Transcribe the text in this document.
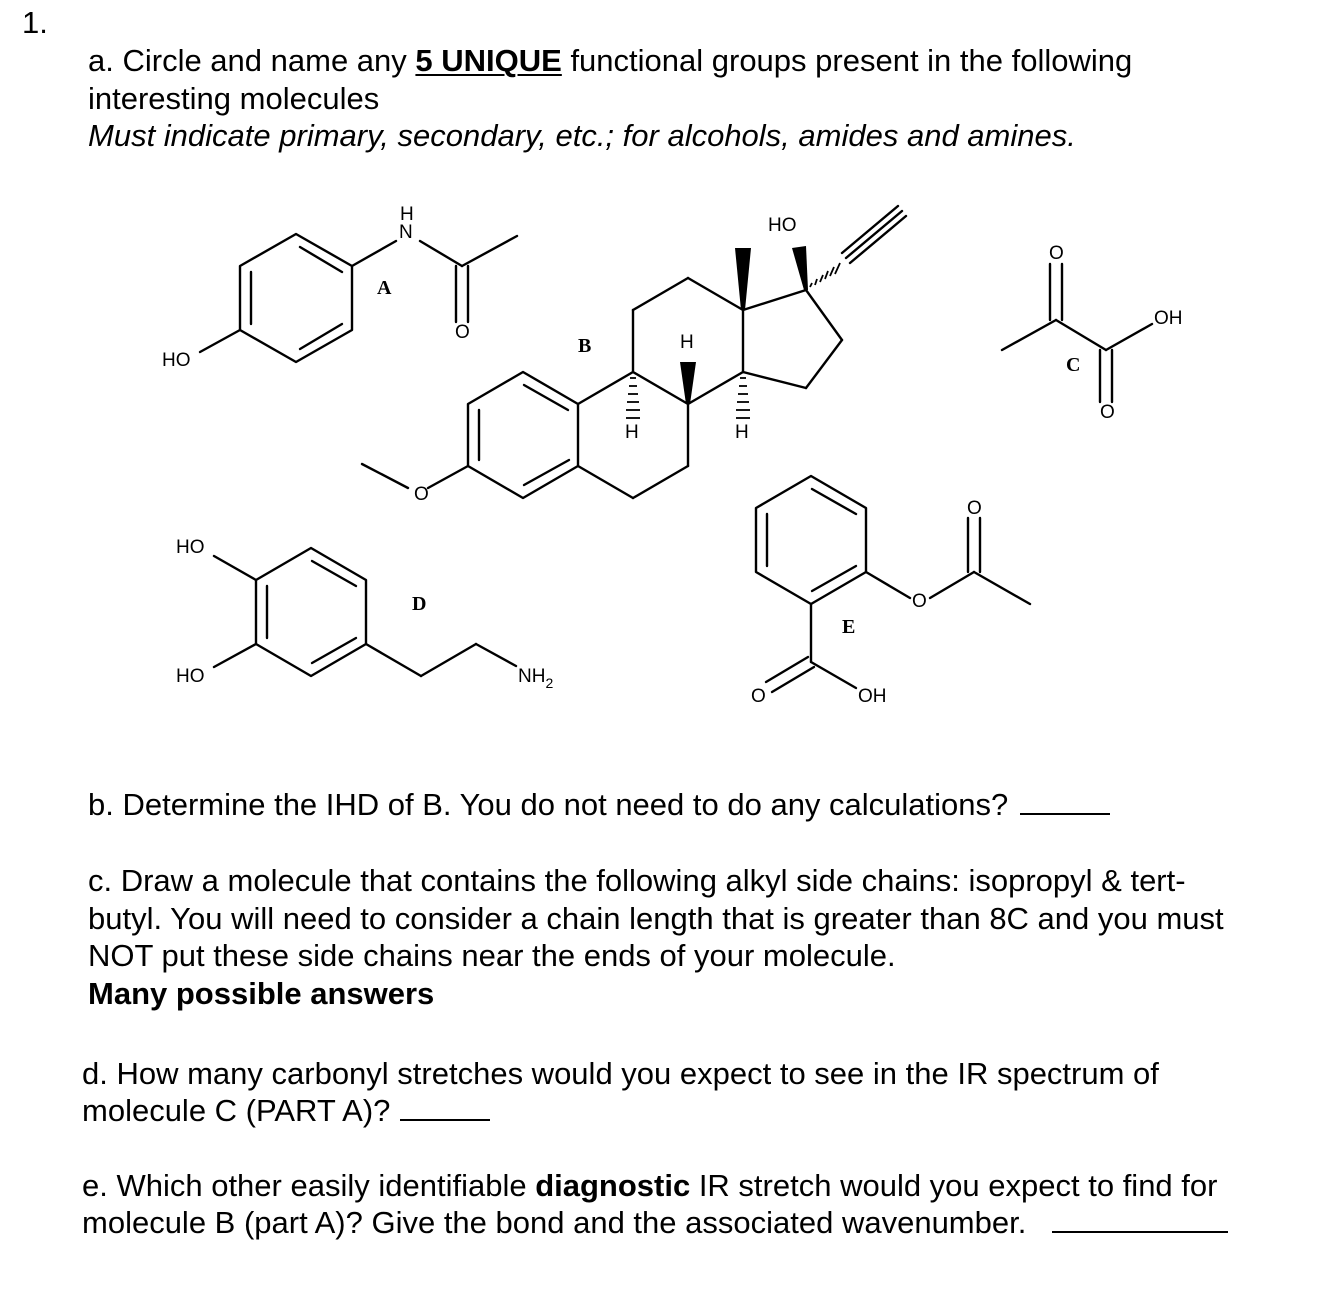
1.
a. Circle and name any 5 UNIQUE functional groups present in the following
interesting molecules
Must indicate primary, secondary, etc.; for alcohols, amides and amines.
HO
H
N
O
A
HO
O
H
H	H
B
O
OH
O
C
HO
HO	$NH_2$
D	O
O
O	OH
E
b. Determine the IHD of B. You do not need to do any calculations?
c. Draw a molecule that contains the following alkyl side chains: isopropyl & tert-
butyl. You will need to consider a chain length that is greater than 8C and you must
NOT put these side chains near the ends of your molecule.
Many possible answers
d. How many carbonyl stretches would you expect to see in the IR spectrum of
molecule C (PART A)?
e. Which other easily identifiable diagnostic IR stretch would you expect to find for
molecule B (part A)? Give the bond and the associated wavenumber.
